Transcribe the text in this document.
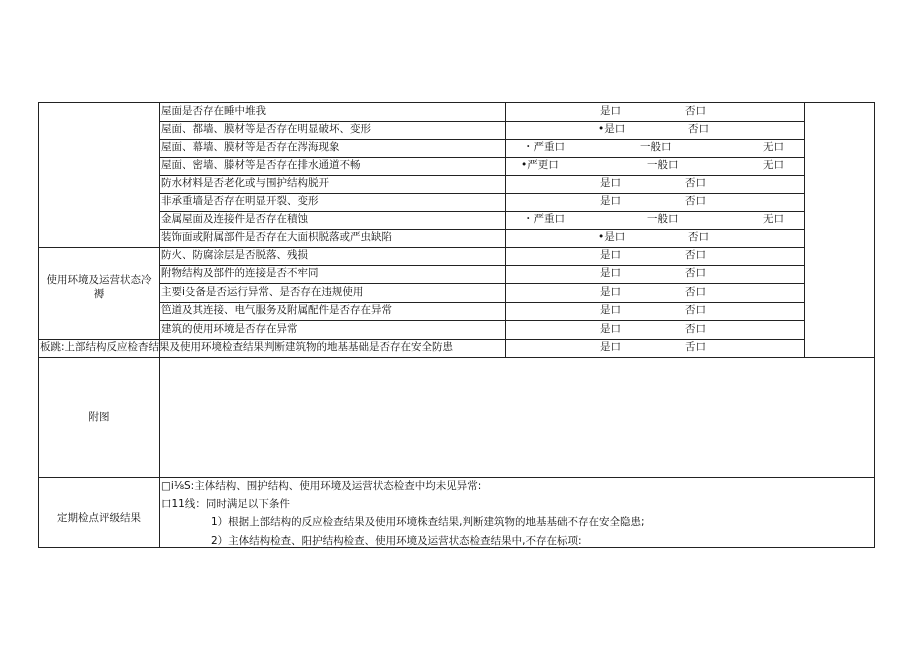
使用环境及运营状态冷
褥
附图
定期检点评级结果
屋面是否存在睡中堆我	是口	否口
屋面、都墙、膜材等是否存在明显破坏、变形	•是口	否口
屋面、幕墙、膜材等是否存在涔海现象	・严重口	一般口	无口
屋面、密墙、滕材等是否存在排水通道不畅	•严更口	一般口	无口
防水材料是否老化或与围护结构脱开	是口	否口
非承重墙是否存在明显开裂、变形	是口	否口
金属屋面及连接件是否存在積蚀	・严重口	一般口	无口
装饰面或附属部件是否存在大面枳脱落或严虫缺陷	•是口	否口
防火、防腐涂层是否脱落、残损	是口	否口
附物结构及部件的连接是否不牢同	是口	否口
主要i殳备是否运行异常、是否存在违规使用	是口	否口
笆道及其连接、电气服务及附属配件是否存在异常	是口	否口
建筑的使用环境是否存在异常	是口	否口
板跳:上部结构反应检杳结果及使用环境检查结果判断建筑物的地基基础是否存在安全防患	是口	舌口
□i⅛S:主体结构、围护结构、使用环境及运营状态检查中均未见异常:
口11线：同时满足以下条件
1）根据上部结构的反应检查结果及使用环境株查结果,判断建筑物的地基基础不存在安全隐患;
2）主体结构检查、阳护结构检查、使用环境及运营状态检查结果中,不存在标项:
